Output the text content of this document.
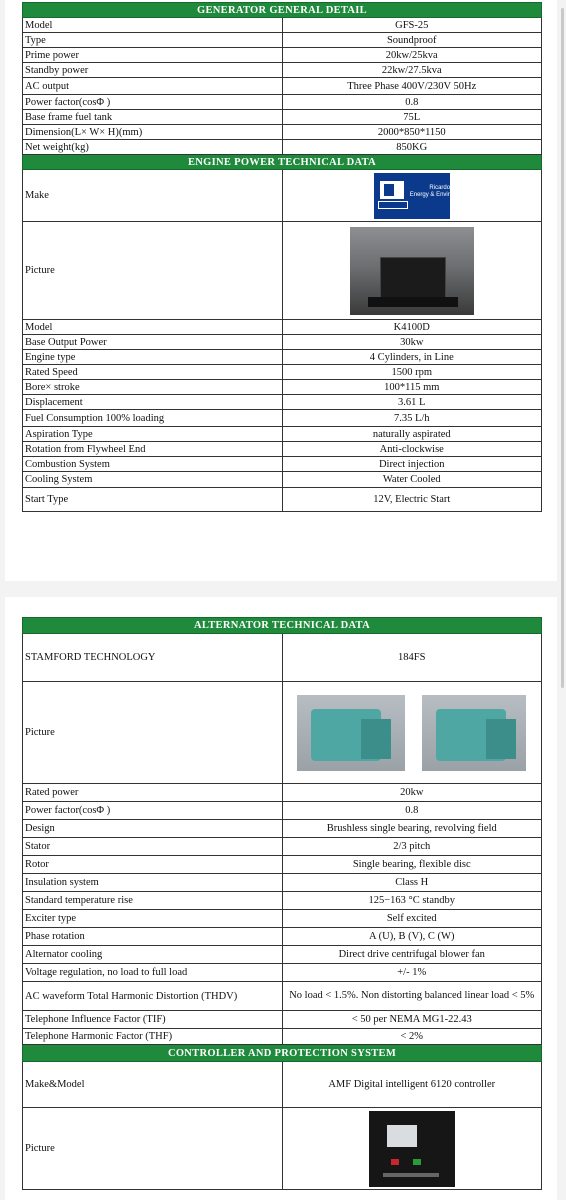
GENERATOR GENERAL DETAIL	
Model	GFS-25
Type	Soundproof
Prime power	20kw/25kva
Standby power	22kw/27.5kva
AC output	Three Phase 400V/230V 50Hz
Power factor(cosΦ )	0.8
Base frame fuel tank	75L
Dimension(L× W× H)(mm)	2000*850*1150
Net weight(kg)	850KG
ENGINE POWER TECHNICAL DATA	
Make	Ricardo
Energy & Environment

Picture	

Model	K4100D
Base Output Power	30kw
Engine type	4 Cylinders, in Line
Rated Speed	1500 rpm
Bore× stroke	100*115 mm
Displacement	3.61 L
Fuel Consumption 100% loading	7.35 L/h
Aspiration Type	naturally aspirated
Rotation from Flywheel End	Anti-clockwise
Combustion System	Direct injection
Cooling System	Water Cooled
Start Type	12V, Electric Start
ALTERNATOR TECHNICAL DATA	
STAMFORD TECHNOLOGY	184FS
Picture	

Rated power	20kw
Power factor(cosΦ )	0.8
Design	Brushless single bearing, revolving field
Stator	2/3 pitch
Rotor	Single bearing, flexible disc
Insulation system	Class H
Standard temperature rise	125−163 °C standby
Exciter type	Self excited
Phase rotation	A (U), B (V), C (W)
Alternator cooling	Direct drive centrifugal blower fan
Voltage regulation, no load to full load	+/- 1%
AC waveform Total Harmonic Distortion (THDV)	No load < 1.5%. Non distorting balanced linear load < 5%
Telephone Influence Factor (TIF)	< 50 per NEMA MG1-22.43
Telephone Harmonic Factor (THF)	< 2%
CONTROLLER AND PROTECTION SYSTEM	
Make&Model	AMF Digital intelligent 6120 controller
Picture	
